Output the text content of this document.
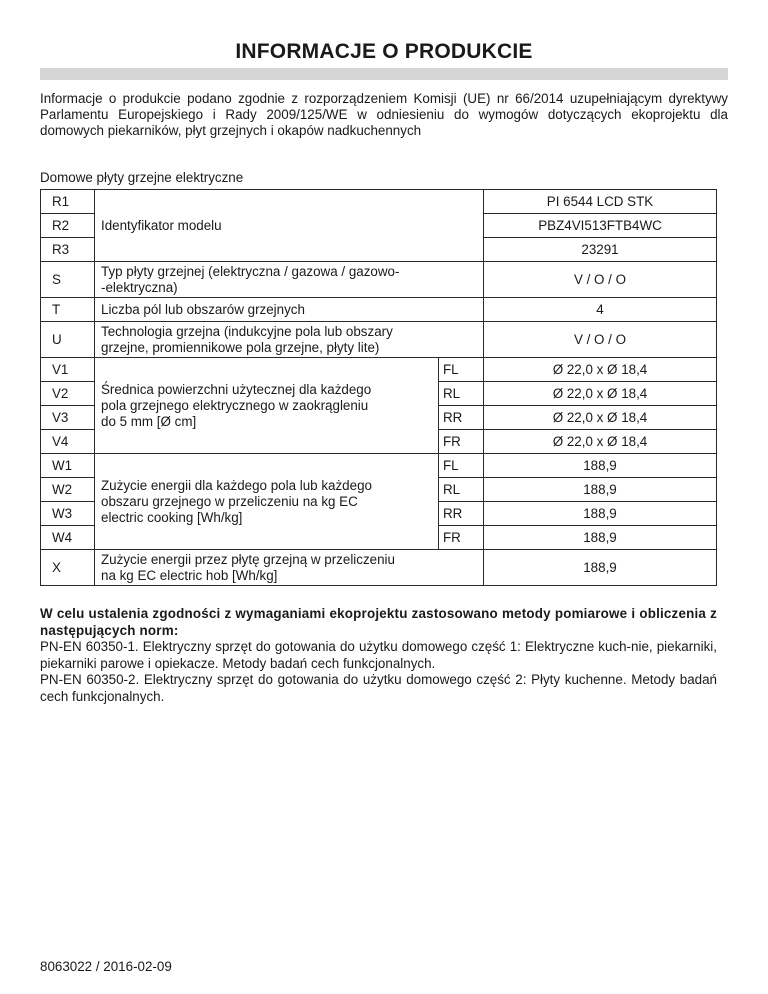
INFORMACJE O PRODUKCIE
Informacje o produkcie podano zgodnie z rozporządzeniem Komisji (UE) nr 66/2014 uzupełniającym dyrektywy Parlamentu Europejskiego i Rady 2009/125/WE w odniesieniu do wymogów dotyczących ekoprojektu dla domowych piekarników, płyt grzejnych i okapów nadkuchennych
Domowe płyty grzejne elektryczne
R1	Identyfikator modelu		PI 6544 LCD STK
R2			PBZ4VI513FTB4WC
R3			23291
S	Typ płyty grzejnej (elektryczna / gazowa / gazowo-
-elektryczna)		V / O / O
T	Liczba pól lub obszarów grzejnych		4
U	Technologia grzejna (indukcyjne pola lub obszary
grzejne, promiennikowe pola grzejne, płyty lite)		V / O / O
V1	Średnica powierzchni użytecznej dla każdego
pola grzejnego elektrycznego w zaokrągleniu
do 5 mm [Ø cm]	FL	Ø 22,0 x Ø 18,4
V2		RL	Ø 22,0 x Ø 18,4
V3		RR	Ø 22,0 x Ø 18,4
V4		FR	Ø 22,0 x Ø 18,4
W1	Zużycie energii dla każdego pola lub każdego
obszaru grzejnego w przeliczeniu na kg EC
electric cooking [Wh/kg]	FL	188,9
W2		RL	188,9
W3		RR	188,9
W4		FR	188,9
X	Zużycie energii przez płytę grzejną w przeliczeniu
na kg EC electric hob [Wh/kg]		188,9

W celu ustalenia zgodności z wymaganiami ekoprojektu zastosowano metody pomiarowe i obliczenia z następujących norm:

PN-EN 60350-1. Elektryczny sprzęt do gotowania do użytku domowego część 1: Elektryczne kuch-nie, piekarniki, piekarniki parowe i opiekacze. Metody badań cech funkcjonalnych.

PN-EN 60350-2. Elektryczny sprzęt do gotowania do użytku domowego część 2: Płyty kuchenne. Metody badań cech funkcjonalnych.

8063022 / 2016-02-09
